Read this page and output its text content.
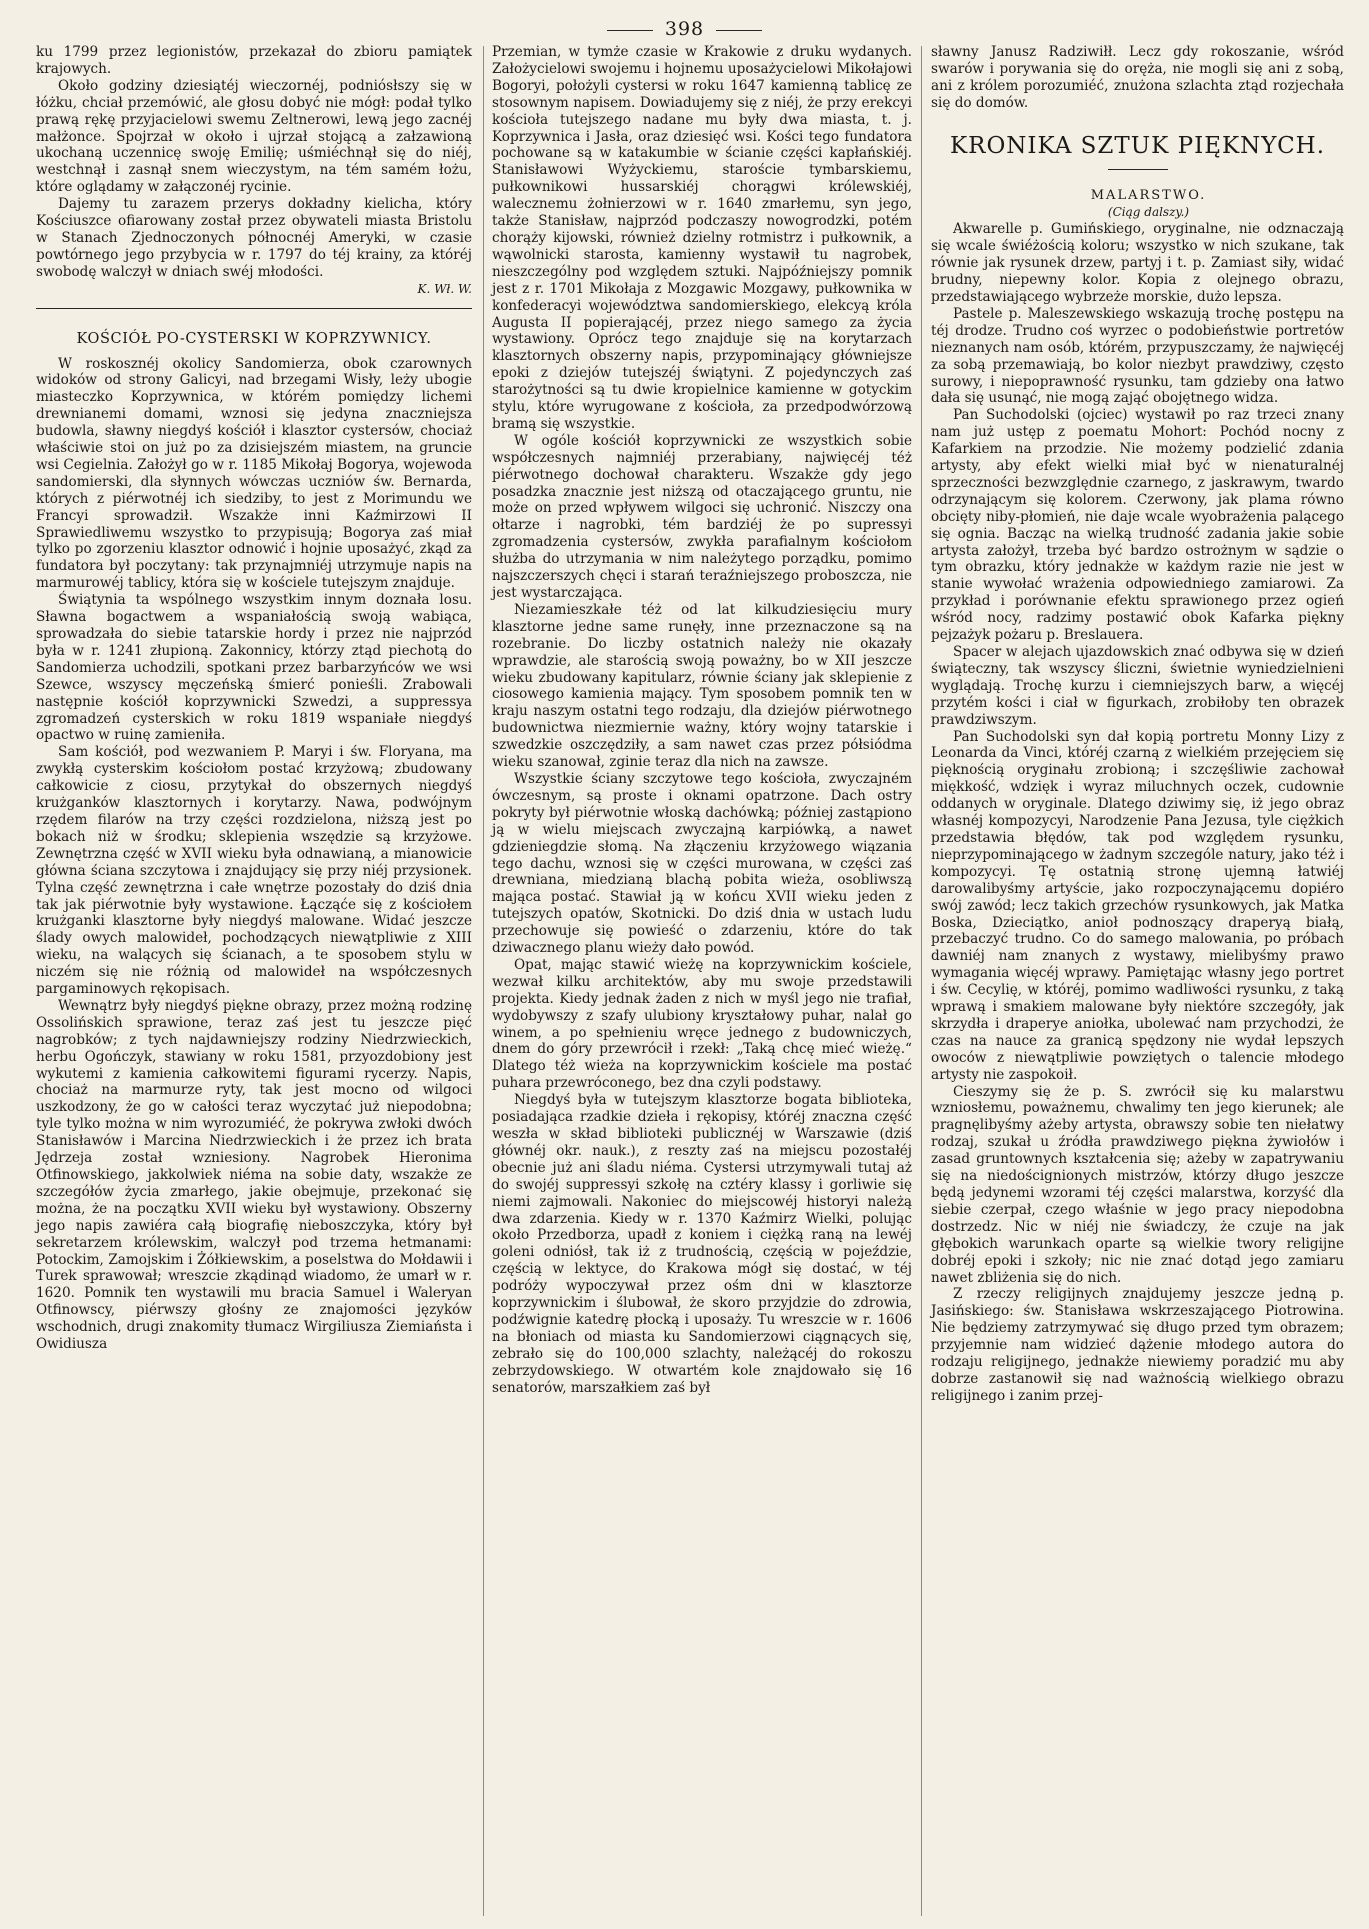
398

ku 1799 przez legionistów, przekazał do zbioru pamiątek krajowych.

Około godziny dziesiątéj wieczornéj, podniósłszy się w łóżku, chciał przemówić, ale głosu dobyć nie mógł: podał tylko prawą rękę przyjacielowi swemu Zeltnerowi, lewą jego zacnéj małżonce. Spojrzał w około i ujrzał stojącą a załzawioną ukochaną uczennicę swoję Emilię; uśmiéchnął się do niéj, westchnął i zasnął snem wieczystym, na tém samém łożu, które oglądamy w załączonéj rycinie.

Dajemy tu zarazem przerys dokładny kielicha, który Kościuszce ofiarowany został przez obywateli miasta Bristolu w Stanach Zjednoczonych północnéj Ameryki, w czasie powtórnego jego przybycia w r. 1797 do téj krainy, za któréj swobodę walczył w dniach swéj młodości.

K. Wł. W.

KOŚCIÓŁ PO-CYSTERSKI W KOPRZYWNICY.

W roskosznéj okolicy Sandomierza, obok czarownych widoków od strony Galicyi, nad brzegami Wisły, leży ubogie miasteczko Koprzywnica, w którém pomiędzy lichemi drewnianemi domami, wznosi się jedyna znaczniejsza budowla, sławny niegdyś kościół i klasztor cystersów, chociaż właściwie stoi on już po za dzisiejszém miastem, na gruncie wsi Cegielnia. Założył go w r. 1185 Mikołaj Bogorya, wojewoda sandomierski, dla słynnych wówczas uczniów św. Bernarda, których z piérwotnéj ich siedziby, to jest z Morimundu we Francyi sprowadził. Wszakże inni Kaźmirzowi II Sprawiedliwemu wszystko to przypisują; Bogorya zaś miał tylko po zgorzeniu klasztor odnowić i hojnie uposażyć, zkąd za fundatora był poczytany: tak przynajmniéj utrzymuje napis na marmurowéj tablicy, która się w kościele tutejszym znajduje.

Świątynia ta wspólnego wszystkim innym doznała losu. Sławna bogactwem a wspaniałością swoją wabiąca, sprowadzała do siebie tatarskie hordy i przez nie najprzód była w r. 1241 złupioną. Zakonnicy, którzy ztąd piechotą do Sandomierza uchodzili, spotkani przez barbarzyńców we wsi Szewce, wszyscy męczeńską śmierć ponieśli. Zrabowali następnie kościół koprzywnicki Szwedzi, a suppressya zgromadzeń cysterskich w roku 1819 wspaniałe niegdyś opactwo w ruinę zamieniła.

Sam kościół, pod wezwaniem P. Maryi i św. Floryana, ma zwykłą cysterskim kościołom postać krzyżową; zbudowany całkowicie z ciosu, przytykał do obszernych niegdyś krużganków klasztornych i korytarzy. Nawa, podwójnym rzędem filarów na trzy części rozdzielona, niższą jest po bokach niż w środku; sklepienia wszędzie są krzyżowe. Zewnętrzna część w XVII wieku była odnawianą, a mianowicie główna ściana szczytowa i znajdujący się przy niéj przysionek. Tylna część zewnętrzna i całe wnętrze pozostały do dziś dnia tak jak piérwotnie były wystawione. Łącząće się z kościołem krużganki klasztorne były niegdyś malowane. Widać jeszcze ślady owych malowideł, pochodzących niewątpliwie z XIII wieku, na walących się ścianach, a te sposobem stylu w niczém się nie różnią od malowideł na współczesnych pargaminowych rękopisach.

Wewnątrz były niegdyś piękne obrazy, przez możną rodzinę Ossolińskich sprawione, teraz zaś jest tu jeszcze pięć nagrobków; z tych najdawniejszy rodziny Niedrzwieckich, herbu Ogończyk, stawiany w roku 1581, przyozdobiony jest wykutemi z kamienia całkowitemi figurami rycerzy. Napis, chociaż na marmurze ryty, tak jest mocno od wilgoci uszkodzony, że go w całości teraz wyczytać już niepodobna; tyle tylko można w nim wyrozumiéć, że pokrywa zwłoki dwóch Stanisławów i Marcina Niedrzwieckich i że przez ich brata Jędrzeja został wzniesiony. Nagrobek Hieronima Otfinowskiego, jakkolwiek niéma na sobie daty, wszakże ze szczegółów życia zmarłego, jakie obejmuje, przekonać się można, że na początku XVII wieku był wystawiony. Obszerny jego napis zawiéra całą biografię nieboszczyka, który był sekretarzem królewskim, walczył pod trzema hetmanami: Potockim, Zamojskim i Żółkiewskim, a poselstwa do Mołdawii i Turek sprawował; wreszcie zkądinąd wiadomo, że umarł w r. 1620. Pomnik ten wystawili mu bracia Samuel i Waleryan Otfinowscy, piérwszy głośny ze znajomości języków wschodnich, drugi znakomity tłumacz Wirgiliusza Ziemiaństa i Owidiusza

Przemian, w tymże czasie w Krakowie z druku wydanych. Założycielowi swojemu i hojnemu uposażycielowi Mikołajowi Bogoryi, położyli cystersi w roku 1647 kamienną tablicę ze stosownym napisem. Dowiadujemy się z niéj, że przy erekcyi kościoła tutejszego nadane mu były dwa miasta, t. j. Koprzywnica i Jasła, oraz dziesięć wsi. Kości tego fundatora pochowane są w katakumbie w ścianie części kapłańskiéj. Stanisławowi Wyżyckiemu, staroście tymbarskiemu, pułkownikowi hussarskiéj chorągwi królewskiéj, walecznemu żołnierzowi w r. 1640 zmarłemu, syn jego, także Stanisław, najprzód podczaszy nowogrodzki, potém chorąży kijowski, również dzielny rotmistrz i pułkownik, a wąwolnicki starosta, kamienny wystawił tu nagrobek, nieszczególny pod względem sztuki. Najpóźniejszy pomnik jest z r. 1701 Mikołaja z Mozgawic Mozgawy, pułkownika w konfederacyi województwa sandomierskiego, elekcyą króla Augusta II popierającéj, przez niego samego za życia wystawiony. Oprócz tego znajduje się na korytarzach klasztornych obszerny napis, przypominający główniejsze epoki z dziejów tutejszéj świątyni. Z pojedynczych zaś starożytności są tu dwie kropielnice kamienne w gotyckim stylu, które wyrugowane z kościoła, za przedpodwórzową bramą się wszystkie.

W ogóle kościół koprzywnicki ze wszystkich sobie współczesnych najmniéj przerabiany, najwięcéj téż piérwotnego dochował charakteru. Wszakże gdy jego posadzka znacznie jest niższą od otaczającego gruntu, nie może on przed wpływem wilgoci się uchronić. Niszczy ona ołtarze i nagrobki, tém bardziéj że po supressyi zgromadzenia cystersów, zwykła parafialnym kościołom służba do utrzymania w nim należytego porządku, pomimo najszczerszych chęci i starań teraźniejszego proboszcza, nie jest wystarczająca.

Niezamieszkałe téż od lat kilkudziesięciu mury klasztorne jedne same runęły, inne przeznaczone są na rozebranie. Do liczby ostatnich należy nie okazały wprawdzie, ale starością swoją poważny, bo w XII jeszcze wieku zbudowany kapitularz, równie ściany jak sklepienie z ciosowego kamienia mający. Tym sposobem pomnik ten w kraju naszym ostatni tego rodzaju, dla dziejów piérwotnego budownictwa niezmiernie ważny, który wojny tatarskie i szwedzkie oszczędziły, a sam nawet czas przez półsiódma wieku szanował, zginie teraz dla nich na zawsze.

Wszystkie ściany szczytowe tego kościoła, zwyczajném ówczesnym, są proste i oknami opatrzone. Dach ostry pokryty był piérwotnie włoską dachówką; później zastąpiono ją w wielu miejscach zwyczajną karpiówką, a nawet gdzieniegdzie słomą. Na złączeniu krzyżowego wiązania tego dachu, wznosi się w części murowana, w części zaś drewniana, miedzianą blachą pobita wieża, osobliwszą mająca postać. Stawiał ją w końcu XVII wieku jeden z tutejszych opatów, Skotnicki. Do dziś dnia w ustach ludu przechowuje się powieść o zdarzeniu, które do tak dziwacznego planu wieży dało powód.

Opat, mając stawić wieżę na koprzywnickim kościele, wezwał kilku architektów, aby mu swoje przedstawili projekta. Kiedy jednak żaden z nich w myśl jego nie trafiał, wydobywszy z szafy ulubiony kryształowy puhar, nalał go winem, a po spełnieniu wręce jednego z budowniczych, dnem do góry przewrócił i rzekł: „Taką chcę mieć wieżę.“ Dlatego téż wieża na koprzywnickim kościele ma postać puhara przewróconego, bez dna czyli podstawy.

Niegdyś była w tutejszym klasztorze bogata biblioteka, posiadająca rzadkie dzieła i rękopisy, któréj znaczna część weszła w skład biblioteki publicznéj w Warszawie (dziś głównéj okr. nauk.), z reszty zaś na miejscu pozostałéj obecnie już ani śladu niéma. Cystersi utrzymywali tutaj aż do swojéj suppressyi szkołę na cztéry klassy i gorliwie się niemi zajmowali. Nakoniec do miejscowéj historyi należą dwa zdarzenia. Kiedy w r. 1370 Kaźmirz Wielki, polując około Przedborza, upadł z koniem i ciężką raną na lewéj goleni odniósł, tak iż z trudnością, częścią w pojeździe, częścią w lektyce, do Krakowa mógł się dostać, w téj podróży wypoczywał przez ośm dni w klasztorze koprzywnickim i ślubował, że skoro przyjdzie do zdrowia, podźwignie katedrę płocką i uposaży. Tu wreszcie w r. 1606 na błoniach od miasta ku Sandomierzowi ciągnących się, zebrało się do 100,000 szlachty, należącéj do rokoszu zebrzydowskiego. W otwartém kole znajdowało się 16 senatorów, marszałkiem zaś był

sławny Janusz Radziwiłł. Lecz gdy rokoszanie, wśród swarów i porywania się do oręża, nie mogli się ani z sobą, ani z królem porozumiéć, znużona szlachta ztąd rozjechała się do domów.

KRONIKA SZTUK PIĘKNYCH.

MALARSTWO.

(Ciąg dalszy.)

Akwarelle p. Gumińskiego, oryginalne, nie odznaczają się wcale świéżością koloru; wszystko w nich szukane, tak równie jak rysunek drzew, partyj i t. p. Zamiast siły, widać brudny, niepewny kolor. Kopia z olejnego obrazu, przedstawiającego wybrzeże morskie, dużo lepsza.

Pastele p. Maleszewskiego wskazują trochę postępu na téj drodze. Trudno coś wyrzec o podobieństwie portretów nieznanych nam osób, którém, przypuszczamy, że najwięcéj za sobą przemawiają, bo kolor niezbyt prawdziwy, często surowy, i niepoprawność rysunku, tam gdzieby ona łatwo dała się usunąć, nie mogą zająć obojętnego widza.

Pan Suchodolski (ojciec) wystawił po raz trzeci znany nam już ustęp z poematu Mohort: Pochód nocny z Kafarkiem na przodzie. Nie możemy podzielić zdania artysty, aby efekt wielki miał być w nienaturalnéj sprzeczności bezwzględnie czarnego, z jaskrawym, twardo odrzynającym się kolorem. Czerwony, jak plama równo obcięty niby-płomień, nie daje wcale wyobrażenia palącego się ognia. Bacząc na wielką trudność zadania jakie sobie artysta założył, trzeba być bardzo ostrożnym w sądzie o tym obrazku, który jednakże w każdym razie nie jest w stanie wywołać wrażenia odpowiedniego zamiarowi. Za przykład i porównanie efektu sprawionego przez ogień wśród nocy, radzimy postawić obok Kafarka piękny pejzażyk pożaru p. Breslauera.

Spacer w alejach ujazdowskich znać odbywa się w dzień świąteczny, tak wszyscy śliczni, świetnie wyniedzielnieni wyglądają. Trochę kurzu i ciemniejszych barw, a więcéj przytém kości i ciał w figurkach, zrobiłoby ten obrazek prawdziwszym.

Pan Suchodolski syn dał kopią portretu Monny Lizy z Leonarda da Vinci, któréj czarną z wielkiém przejęciem się pięknością oryginału zrobioną; i szczęśliwie zachował miękkość, wdzięk i wyraz miluchnych oczek, cudownie oddanych w oryginale. Dlatego dziwimy się, iż jego obraz własnéj kompozycyi, Narodzenie Pana Jezusa, tyle ciężkich przedstawia błędów, tak pod względem rysunku, nieprzypominającego w żadnym szczególe natury, jako téż i kompozycyi. Tę ostatnią stronę ujemną łatwiéj darowalibyśmy artyście, jako rozpoczynającemu dopiéro swój zawód; lecz takich grzechów rysunkowych, jak Matka Boska, Dzieciątko, anioł podnoszący draperyą białą, przebaczyć trudno. Co do samego malowania, po próbach dawniéj nam znanych z wystawy, mielibyśmy prawo wymagania więcéj wprawy. Pamiętając własny jego portret i św. Cecylię, w któréj, pomimo wadliwości rysunku, z taką wprawą i smakiem malowane były niektóre szczegóły, jak skrzydła i draperye aniołka, ubolewać nam przychodzi, że czas na nauce za granicą spędzony nie wydał lepszych owoców z niewątpliwie powziętych o talencie młodego artysty nie zaspokoił.

Cieszymy się że p. S. zwrócił się ku malarstwu wzniosłemu, poważnemu, chwalimy ten jego kierunek; ale pragnęlibyśmy ażeby artysta, obrawszy sobie ten niełatwy rodzaj, szukał u źródła prawdziwego piękna żywiołów i zasad gruntownych kształcenia się; ażeby w zapatrywaniu się na niedoścignionych mistrzów, którzy długo jeszcze będą jedynemi wzorami téj części malarstwa, korzyść dla siebie czerpał, czego właśnie w jego pracy niepodobna dostrzedz. Nic w niéj nie świadczy, że czuje na jak głębokich warunkach oparte są wielkie twory religijne dobréj epoki i szkoły; nic nie znać dotąd jego zamiaru nawet zbliżenia się do nich.

Z rzeczy religijnych znajdujemy jeszcze jedną p. Jasińskiego: św. Stanisława wskrzeszającego Piotrowina. Nie będziemy zatrzymywać się długo przed tym obrazem; przyjemnie nam widzieć dążenie młodego autora do rodzaju religijnego, jednakże niewiemy poradzić mu aby dobrze zastanowił się nad ważnością wielkiego obrazu religijnego i zanim przej-
